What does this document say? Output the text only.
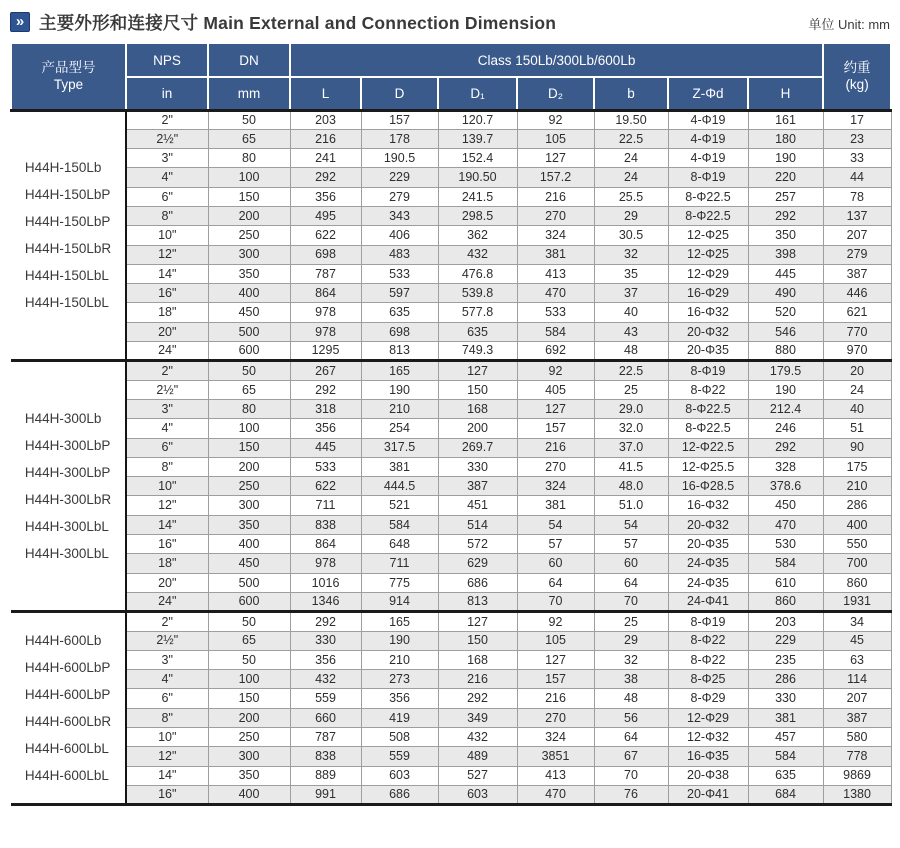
» 主要外形和连接尺寸 Main External and Connection Dimension	单位 Unit: mm
产品型号
Type
	NPS	DN	Class 150Lb/300Lb/600Lb	
约重
(kg)

	in	mm	L	D	D₁	D₂	b	Z-Φd	H	

H44H-150Lb
H44H-150LbP
H44H-150LbP
H44H-150LbR
H44H-150LbL
H44H-150LbL
	2"	50	203	157	120.7	92	19.50	4-Φ19	161	17
	2½"	65	216	178	139.7	105	22.5	4-Φ19	180	23
	3"	80	241	190.5	152.4	127	24	4-Φ19	190	33
	4"	100	292	229	190.50	157.2	24	8-Φ19	220	44
	6"	150	356	279	241.5	216	25.5	8-Φ22.5	257	78
	8"	200	495	343	298.5	270	29	8-Φ22.5	292	137
	10"	250	622	406	362	324	30.5	12-Φ25	350	207
	12"	300	698	483	432	381	32	12-Φ25	398	279
	14"	350	787	533	476.8	413	35	12-Φ29	445	387
	16"	400	864	597	539.8	470	37	16-Φ29	490	446
	18"	450	978	635	577.8	533	40	16-Φ32	520	621
	20"	500	978	698	635	584	43	20-Φ32	546	770
	24"	600	1295	813	749.3	692	48	20-Φ35	880	970

H44H-300Lb
H44H-300LbP
H44H-300LbP
H44H-300LbR
H44H-300LbL
H44H-300LbL
	2"	50	267	165	127	92	22.5	8-Φ19	179.5	20
	2½"	65	292	190	150	405	25	8-Φ22	190	24
	3"	80	318	210	168	127	29.0	8-Φ22.5	212.4	40
	4"	100	356	254	200	157	32.0	8-Φ22.5	246	51
	6"	150	445	317.5	269.7	216	37.0	12-Φ22.5	292	90
	8"	200	533	381	330	270	41.5	12-Φ25.5	328	175
	10"	250	622	444.5	387	324	48.0	16-Φ28.5	378.6	210
	12"	300	711	521	451	381	51.0	16-Φ32	450	286
	14"	350	838	584	514	54	54	20-Φ32	470	400
	16"	400	864	648	572	57	57	20-Φ35	530	550
	18"	450	978	711	629	60	60	24-Φ35	584	700
	20"	500	1016	775	686	64	64	24-Φ35	610	860
	24"	600	1346	914	813	70	70	24-Φ41	860	1931

H44H-600Lb
H44H-600LbP
H44H-600LbP
H44H-600LbR
H44H-600LbL
H44H-600LbL
	2"	50	292	165	127	92	25	8-Φ19	203	34
	2½"	65	330	190	150	105	29	8-Φ22	229	45
	3"	50	356	210	168	127	32	8-Φ22	235	63
	4"	100	432	273	216	157	38	8-Φ25	286	114
	6"	150	559	356	292	216	48	8-Φ29	330	207
	8"	200	660	419	349	270	56	12-Φ29	381	387
	10"	250	787	508	432	324	64	12-Φ32	457	580
	12"	300	838	559	489	3851	67	16-Φ35	584	778
	14"	350	889	603	527	413	70	20-Φ38	635	9869
	16"	400	991	686	603	470	76	20-Φ41	684	1380
